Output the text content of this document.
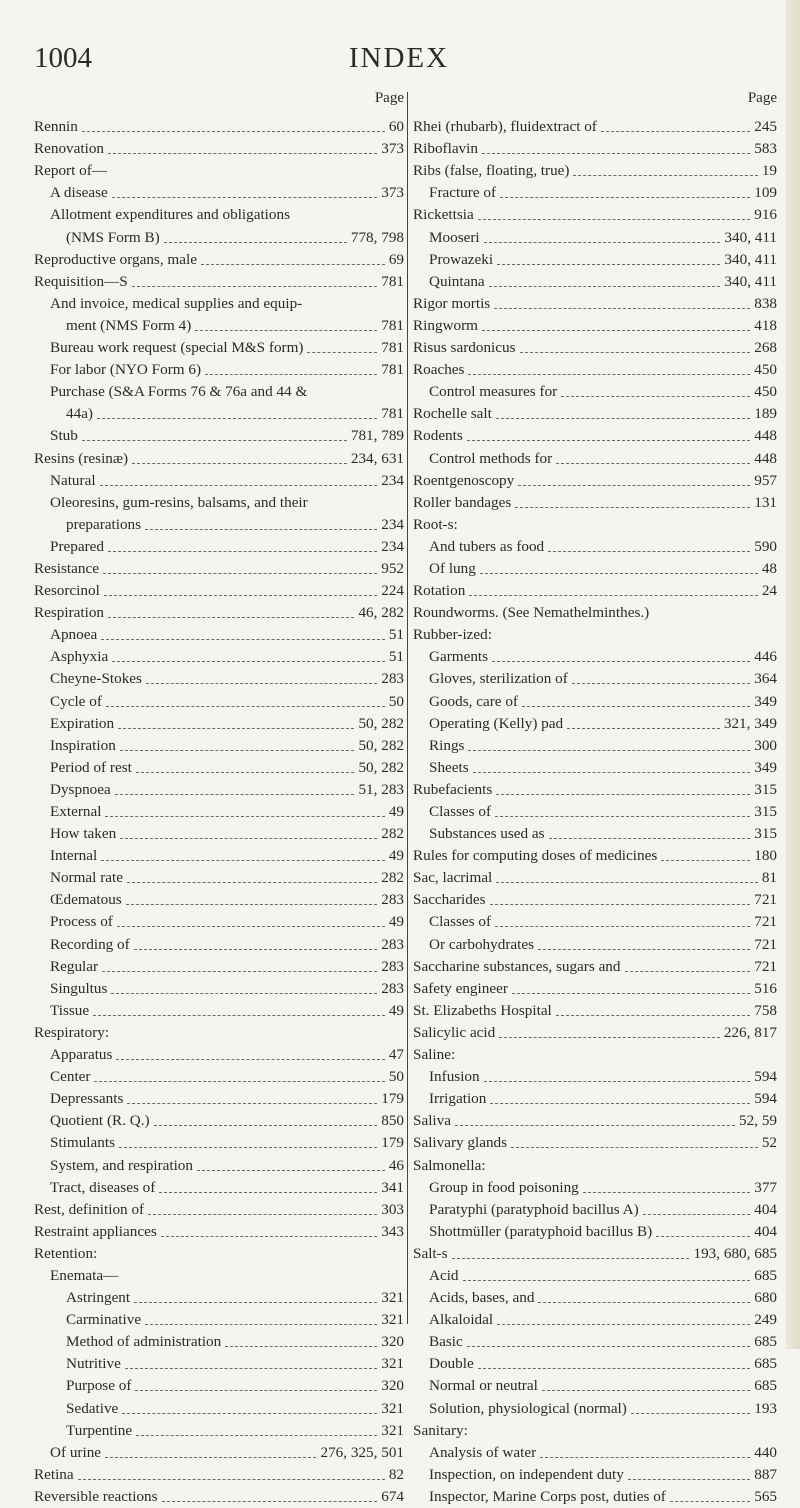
1004	INDEX
Page
Rennin	60
Renovation	373
Report of—
A disease	373
Allotment expenditures and obligations
(NMS Form B)	778, 798
Reproductive organs, male	69
Requisition—S	781
And invoice, medical supplies and equip-
ment (NMS Form 4)	781
Bureau work request (special M&S form)	781
For labor (NYO Form 6)	781
Purchase (S&A Forms 76 & 76a and 44 &
44a)	781
Stub	781, 789
Resins (resinæ)	234, 631
Natural	234
Oleoresins, gum-resins, balsams, and their
preparations	234
Prepared	234
Resistance	952
Resorcinol	224
Respiration	46, 282
Apnoea	51
Asphyxia	51
Cheyne-Stokes	283
Cycle of	50
Expiration	50, 282
Inspiration	50, 282
Period of rest	50, 282
Dyspnoea	51, 283
External	49
How taken	282
Internal	49
Normal rate	282
Œdematous	283
Process of	49
Recording of	283
Regular	283
Singultus	283
Tissue	49
Respiratory:
Apparatus	47
Center	50
Depressants	179
Quotient (R. Q.)	850
Stimulants	179
System, and respiration	46
Tract, diseases of	341
Rest, definition of	303
Restraint appliances	343
Retention:
Enemata—
Astringent	321
Carminative	321
Method of administration	320
Nutritive	321
Purpose of	320
Sedative	321
Turpentine	321
Of urine	276, 325, 501
Retina	82
Reversible reactions	674
Page
Rhei (rhubarb), fluidextract of	245
Riboflavin	583
Ribs (false, floating, true)	19
Fracture of	109
Rickettsia	916
Mooseri	340, 411
Prowazeki	340, 411
Quintana	340, 411
Rigor mortis	838
Ringworm	418
Risus sardonicus	268
Roaches	450
Control measures for	450
Rochelle salt	189
Rodents	448
Control methods for	448
Roentgenoscopy	957
Roller bandages	131
Root-s:
And tubers as food	590
Of lung	48
Rotation	24
Roundworms. (See Nemathelminthes.)
Rubber-ized:
Garments	446
Gloves, sterilization of	364
Goods, care of	349
Operating (Kelly) pad	321, 349
Rings	300
Sheets	349
Rubefacients	315
Classes of	315
Substances used as	315
Rules for computing doses of medicines	180
Sac, lacrimal	81
Saccharides	721
Classes of	721
Or carbohydrates	721
Saccharine substances, sugars and	721
Safety engineer	516
St. Elizabeths Hospital	758
Salicylic acid	226, 817
Saline:
Infusion	594
Irrigation	594
Saliva	52, 59
Salivary glands	52
Salmonella:
Group in food poisoning	377
Paratyphi (paratyphoid bacillus A)	404
Shottmüller (paratyphoid bacillus B)	404
Salt-s	193, 680, 685
Acid	685
Acids, bases, and	680
Alkaloidal	249
Basic	685
Double	685
Normal or neutral	685
Solution, physiological (normal)	193
Sanitary:
Analysis of water	440
Inspection, on independent duty	887
Inspector, Marine Corps post, duties of	565
